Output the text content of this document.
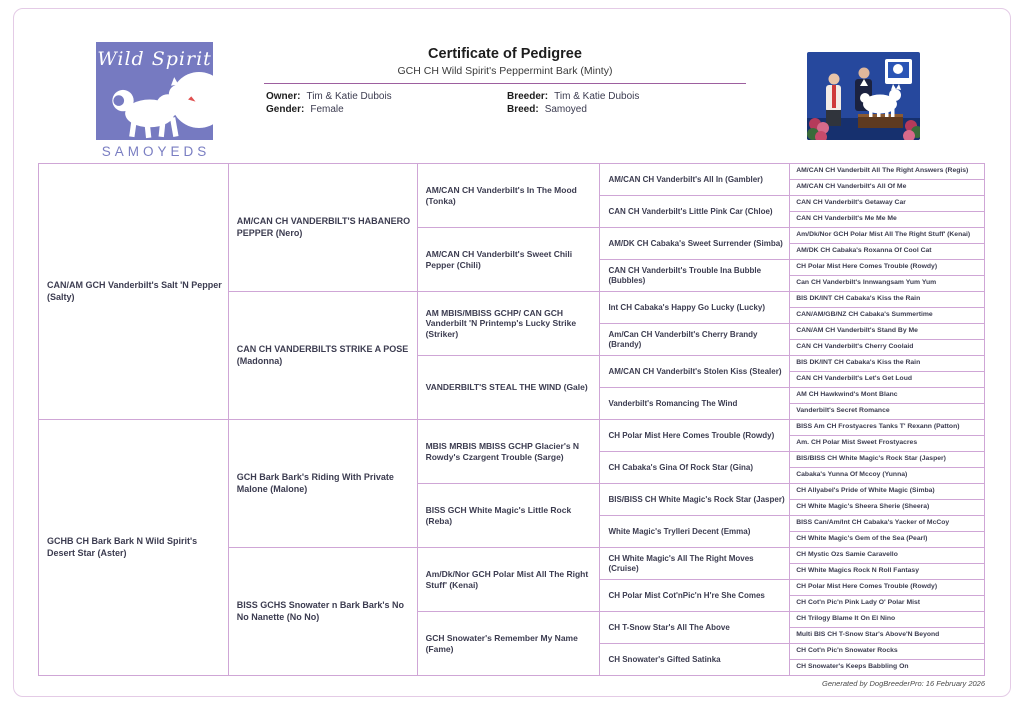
Wild Spirit
SAMOYEDS
Certificate of Pedigree
GCH CH Wild Spirit's Peppermint Bark (Minty)
Owner: Tim & Katie Dubois	Breeder: Tim & Katie Dubois
Gender: Female	Breed: Samoyed
CAN/AM GCH Vanderbilt's Salt 'N Pepper (Salty)
GCHB CH Bark Bark N Wild Spirit's Desert Star (Aster)
AM/CAN CH VANDERBILT'S HABANERO PEPPER (Nero)
CAN CH VANDERBILTS STRIKE A POSE (Madonna)
GCH Bark Bark's Riding With Private Malone (Malone)
BISS GCHS Snowater n Bark Bark's No No Nanette (No No)
AM/CAN CH Vanderbilt's In The Mood (Tonka)
AM/CAN CH Vanderbilt's Sweet Chili Pepper (Chili)
AM MBIS/MBISS GCHP/ CAN GCH Vanderbilt 'N Printemp's Lucky Strike (Striker)
VANDERBILT'S STEAL THE WIND (Gale)
MBIS MRBIS MBISS GCHP Glacier's N Rowdy's Czargent Trouble (Sarge)
BISS GCH White Magic's Little Rock (Reba)
Am/Dk/Nor GCH Polar Mist All The Right Stuff' (Kenai)
GCH Snowater's Remember My Name (Fame)
AM/CAN CH Vanderbilt's All In (Gambler)
CAN CH Vanderbilt's Little Pink Car (Chloe)
AM/DK CH Cabaka's Sweet Surrender (Simba)
CAN CH Vanderbilt's Trouble Ina Bubble (Bubbles)
Int CH Cabaka's Happy Go Lucky (Lucky)
Am/Can CH Vanderbilt's Cherry Brandy (Brandy)
AM/CAN CH Vanderbilt's Stolen Kiss (Stealer)
Vanderbilt's Romancing The Wind
CH Polar Mist Here Comes Trouble (Rowdy)
CH Cabaka's Gina Of Rock Star (Gina)
BIS/BISS CH White Magic's Rock Star (Jasper)
White Magic's Trylleri Decent (Emma)
CH White Magic's All The Right Moves (Cruise)
CH Polar Mist Cot'nPic'n H're She Comes
CH T-Snow Star's All The Above
CH Snowater's Gifted Satinka
AM/CAN CH Vanderbilt All The Right Answers (Regis)
AM/CAN CH Vanderbilt's All Of Me
CAN CH Vanderbilt's Getaway Car
CAN CH Vanderbilt's Me Me Me
Am/Dk/Nor GCH Polar Mist All The Right Stuff' (Kenai)
AM/DK CH Cabaka's Roxanna Of Cool Cat
CH Polar Mist Here Comes Trouble (Rowdy)
Can CH Vanderbilt's Innwangsam Yum Yum
BIS DK/INT CH Cabaka's Kiss the Rain
CAN/AM/GB/NZ CH Cabaka's Summertime
CAN/AM CH Vanderbilt's Stand By Me
CAN CH Vanderbilt's Cherry Coolaid
BIS DK/INT CH Cabaka's Kiss the Rain
CAN CH Vanderbilt's Let's Get Loud
AM CH Hawkwind's Mont Blanc
Vanderbilt's Secret Romance
BISS Am CH Frostyacres Tanks T' Rexann (Patton)
Am. CH Polar Mist Sweet Frostyacres
BIS/BISS CH White Magic's Rock Star (Jasper)
Cabaka's Yunna Of Mccoy (Yunna)
CH Allyabel's Pride of White Magic (Simba)
CH White Magic's Sheera Sherie (Sheera)
BISS Can/Am/Int CH Cabaka's Yacker of McCoy
CH White Magic's Gem of the Sea (Pearl)
CH Mystic Ozs Samie Caravello
CH White Magics Rock N Roll Fantasy
CH Polar Mist Here Comes Trouble (Rowdy)
CH Cot'n Pic'n Pink Lady O' Polar Mist
CH Trilogy Blame It On El Nino
Multi BIS CH T-Snow Star's Above'N Beyond
CH Cot'n Pic'n Snowater Rocks
CH Snowater's Keeps Babbling On
Generated by DogBreederPro: 16 February 2026
